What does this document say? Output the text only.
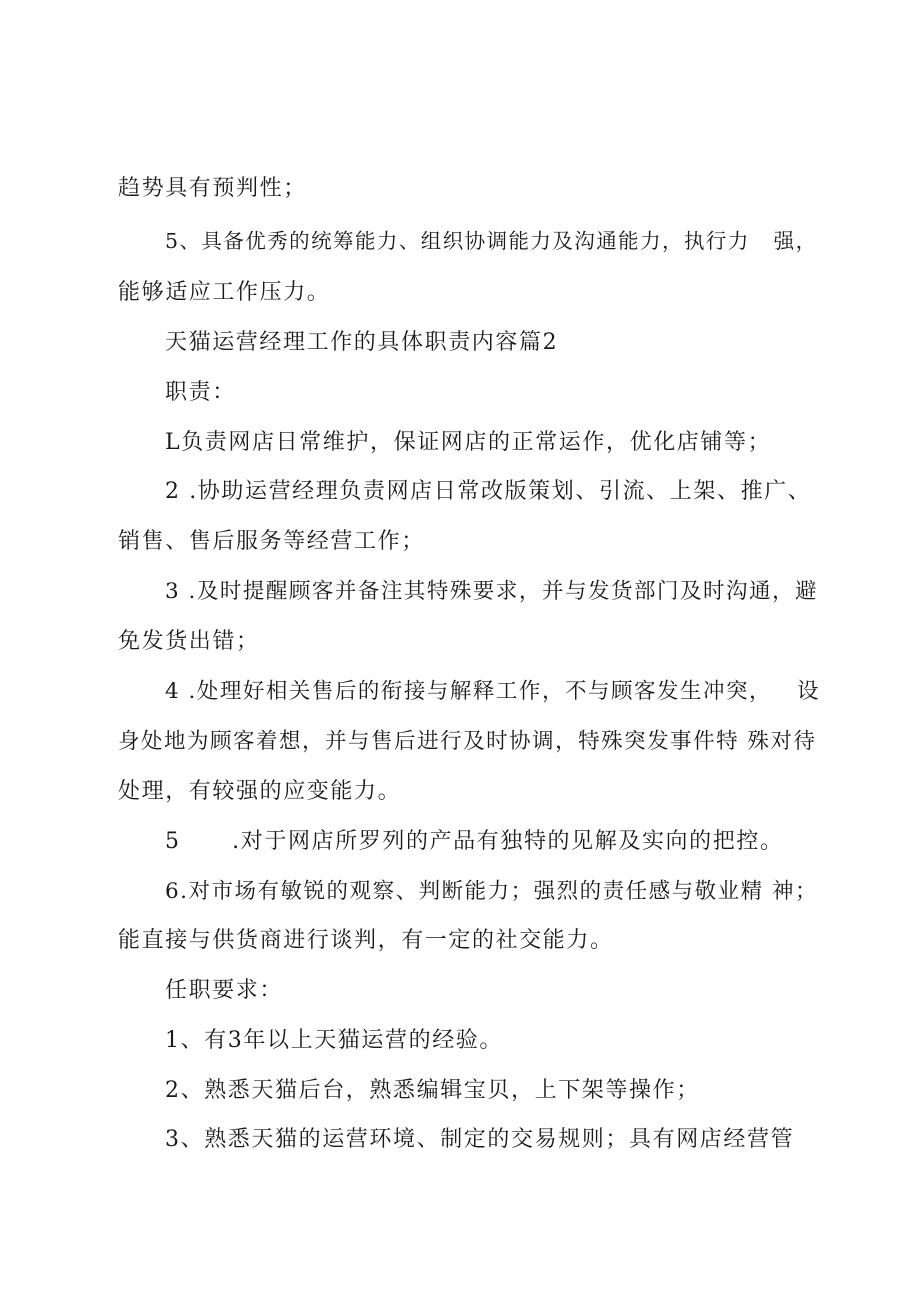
趋势具有预判性；

5、具备优秀的统筹能力、组织协调能力及沟通能力，执行力   强，

能够适应工作压力。

天猫运营经理工作的具体职责内容篇2

职责：

L负责网店日常维护，保证网店的正常运作，优化店铺等；

2 .协助运营经理负责网店日常改版策划、引流、上架、推广、

销售、售后服务等经营工作；

3 .及时提醒顾客并备注其特殊要求，并与发货部门及时沟通，避

免发货出错；

4 .处理好相关售后的衔接与解释工作，不与顾客发生冲突，   设

身处地为顾客着想，并与售后进行及时协调，特殊突发事件特 殊对待

处理，有较强的应变能力。

5      .对于网店所罗列的产品有独特的见解及实向的把控。

6.对市场有敏锐的观察、判断能力；强烈的责任感与敬业精 神；

能直接与供货商进行谈判，有一定的社交能力。

任职要求：

1、有3年以上天猫运营的经验。

2、熟悉天猫后台，熟悉编辑宝贝，上下架等操作；

3、熟悉天猫的运营环境、制定的交易规则；具有网店经营管
